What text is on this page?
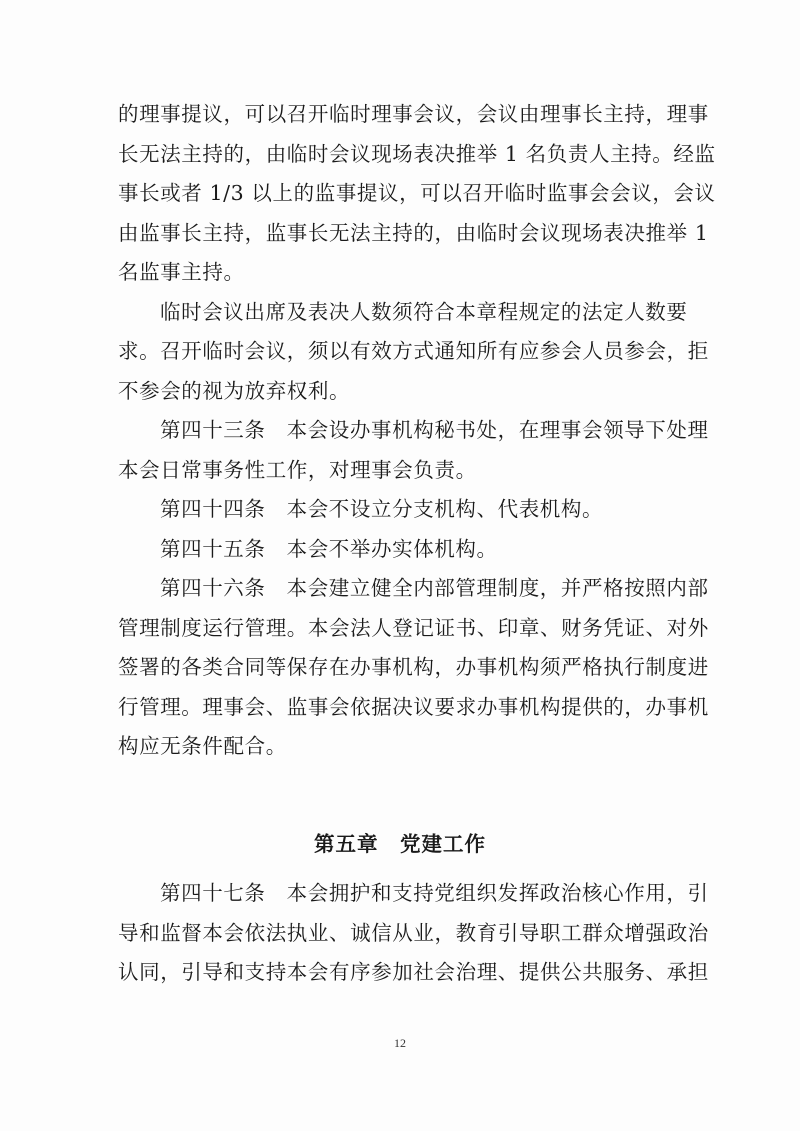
的理事提议，可以召开临时理事会议，会议由理事长主持，理事
长无法主持的，由临时会议现场表决推举 1 名负责人主持。经监
事长或者 1/3 以上的监事提议，可以召开临时监事会会议，会议
由监事长主持，监事长无法主持的，由临时会议现场表决推举 1
名监事主持。
临时会议出席及表决人数须符合本章程规定的法定人数要
求。召开临时会议，须以有效方式通知所有应参会人员参会，拒
不参会的视为放弃权利。
第四十三条　本会设办事机构秘书处，在理事会领导下处理
本会日常事务性工作，对理事会负责。
第四十四条　本会不设立分支机构、代表机构。
第四十五条　本会不举办实体机构。
第四十六条　本会建立健全内部管理制度，并严格按照内部
管理制度运行管理。本会法人登记证书、印章、财务凭证、对外
签署的各类合同等保存在办事机构，办事机构须严格执行制度进
行管理。理事会、监事会依据决议要求办事机构提供的，办事机
构应无条件配合。
第五章　党建工作
第四十七条　本会拥护和支持党组织发挥政治核心作用，引
导和监督本会依法执业、诚信从业，教育引导职工群众增强政治
认同，引导和支持本会有序参加社会治理、提供公共服务、承担
12
